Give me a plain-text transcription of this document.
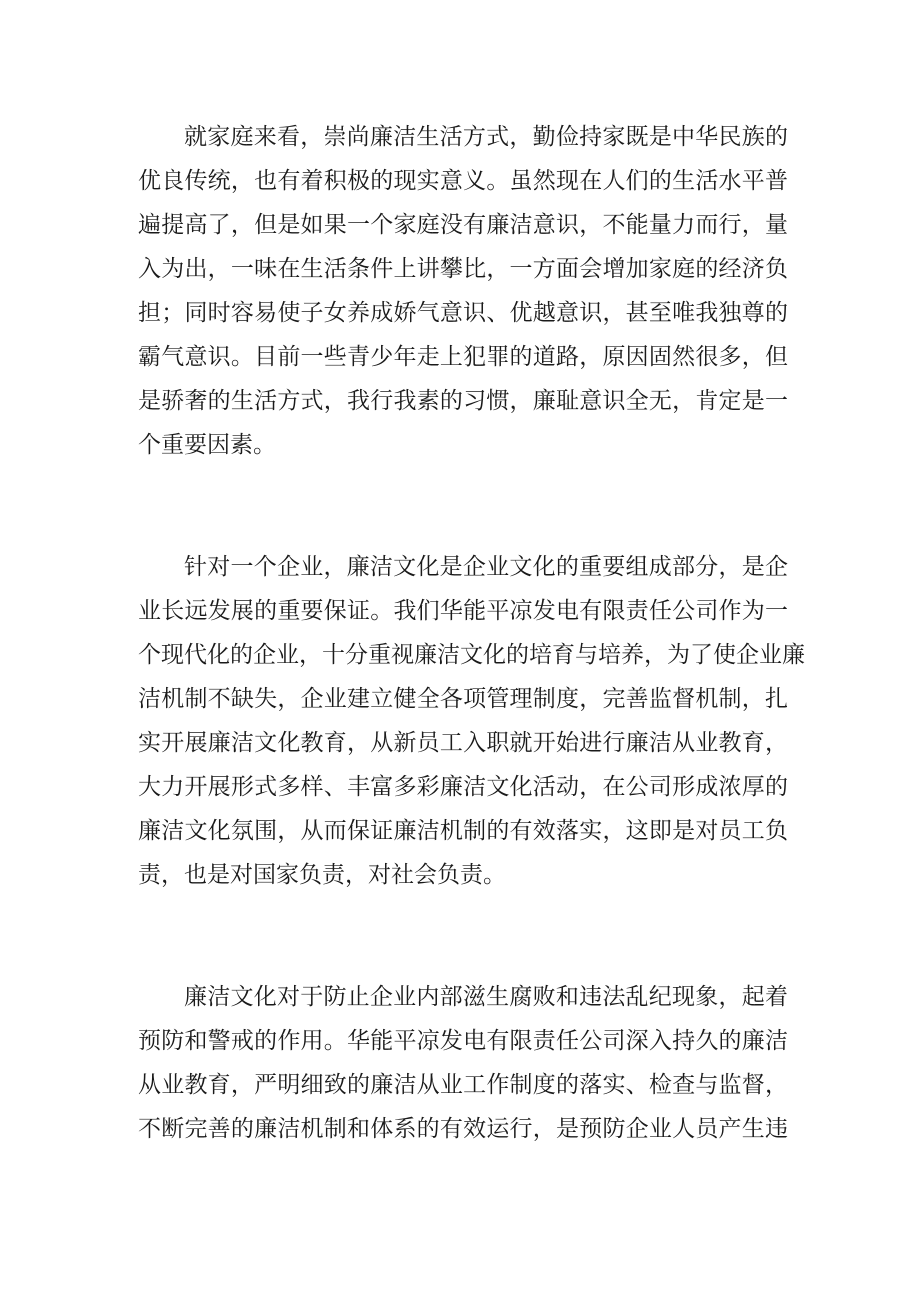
就家庭来看，崇尚廉洁生活方式，勤俭持家既是中华民族的
优良传统，也有着积极的现实意义。虽然现在人们的生活水平普
遍提高了，但是如果一个家庭没有廉洁意识，不能量力而行，量
入为出，一味在生活条件上讲攀比，一方面会增加家庭的经济负
担；同时容易使子女养成娇气意识、优越意识，甚至唯我独尊的
霸气意识。目前一些青少年走上犯罪的道路，原因固然很多，但
是骄奢的生活方式，我行我素的习惯，廉耻意识全无，肯定是一
个重要因素。
针对一个企业，廉洁文化是企业文化的重要组成部分，是企
业长远发展的重要保证。我们华能平凉发电有限责任公司作为一
个现代化的企业，十分重视廉洁文化的培育与培养，为了使企业廉
洁机制不缺失，企业建立健全各项管理制度，完善监督机制，扎
实开展廉洁文化教育，从新员工入职就开始进行廉洁从业教育，
大力开展形式多样、丰富多彩廉洁文化活动，在公司形成浓厚的
廉洁文化氛围，从而保证廉洁机制的有效落实，这即是对员工负
责，也是对国家负责，对社会负责。
廉洁文化对于防止企业内部滋生腐败和违法乱纪现象，起着
预防和警戒的作用。华能平凉发电有限责任公司深入持久的廉洁
从业教育，严明细致的廉洁从业工作制度的落实、检查与监督，
不断完善的廉洁机制和体系的有效运行，是预防企业人员产生违
